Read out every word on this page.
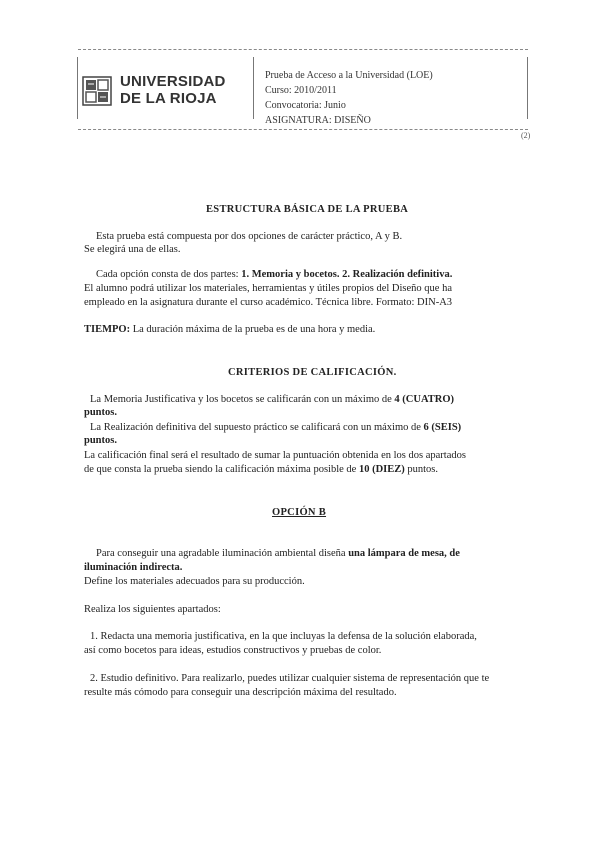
UNIVERSIDAD
DE LA RIOJA
Prueba de Acceso a la Universidad (LOE)
Curso: 2010/2011
Convocatoria: Junio
ASIGNATURA: DISEÑO
(2)
ESTRUCTURA BÁSICA DE LA PRUEBA
Esta prueba está compuesta por dos opciones de carácter práctico, A y B.
Se elegirá una de ellas.
Cada opción consta de dos partes: 1. Memoria y bocetos. 2. Realización definitiva.
El alumno podrá utilizar los materiales, herramientas y útiles propios del Diseño que ha
empleado en la asignatura durante el curso académico. Técnica libre. Formato: DIN-A3
TIEMPO: La duración máxima de la prueba es de una hora y media.
CRITERIOS DE CALIFICACIÓN.
La Memoria Justificativa y los bocetos se calificarán con un máximo de 4 (CUATRO)
puntos.
La Realización definitiva del supuesto práctico se calificará con un máximo de 6 (SEIS)
puntos.
La calificación final será el resultado de sumar la puntuación obtenida en los dos apartados
de que consta la prueba siendo la calificación máxima posible de 10 (DIEZ) puntos.
OPCIÓN B
Para conseguir una agradable iluminación ambiental diseña una lámpara de mesa, de
iluminación indirecta.
Define los materiales adecuados para su producción.
Realiza los siguientes apartados:
1. Redacta una memoria justificativa, en la que incluyas la defensa de la solución elaborada,
así como bocetos para ideas, estudios constructivos y pruebas de color.
2. Estudio definitivo. Para realizarlo, puedes utilizar cualquier sistema de representación que te
resulte más cómodo para conseguir una descripción máxima del resultado.
